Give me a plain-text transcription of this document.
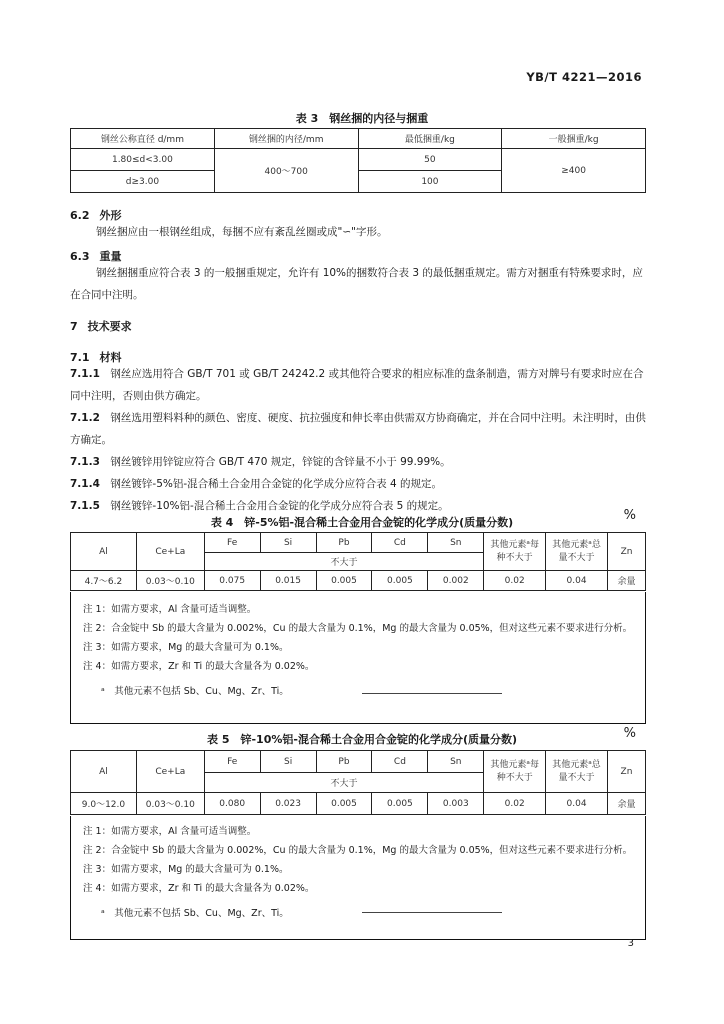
YB/T 4221—2016
表 3　钢丝捆的内径与捆重
钢丝公称直径 d/mm	钢丝捆的内径/mm	最低捆重/kg	一般捆重/kg
1.80≤d<3.00	400～700	50	≥400
d≥3.00		100	
6.2 外形
钢丝捆应由一根钢丝组成，每捆不应有紊乱丝圈或成"∽"字形。
6.3 重量
钢丝捆捆重应符合表 3 的一般捆重规定，允许有 10%的捆数符合表 3 的最低捆重规定。需方对捆重有特殊要求时，应在合同中注明。
7 技术要求
7.1 材料
7.1.1　 钢丝应选用符合 GB/T 701 或 GB/T 24242.2 或其他符合要求的相应标准的盘条制造，需方对牌号有要求时应在合同中注明，否则由供方确定。
7.1.2　 钢丝选用塑料料种的颜色、密度、硬度、抗拉强度和伸长率由供需双方协商确定，并在合同中注明。未注明时，由供方确定。
7.1.3　 钢丝镀锌用锌锭应符合 GB/T 470 规定，锌锭的含锌量不小于 99.99%。
7.1.4　 钢丝镀锌-5%铝-混合稀土合金用合金锭的化学成分应符合表 4 的规定。
7.1.5　 钢丝镀锌-10%铝-混合稀土合金用合金锭的化学成分应符合表 5 的规定。
表 4　锌-5%铝-混合稀土合金用合金锭的化学成分(质量分数)	%
Al	Ce+La	Fe	Si	Pb	Cd	Sn	其他元素ᵃ每种不大于	其他元素ᵃ总量不大于	Zn
		不大于							
4.7～6.2	0.03～0.10	0.075	0.015	0.005	0.005	0.002	0.02	0.04	余量
注 1：如需方要求，Al 含量可适当调整。
注 2：合金锭中 Sb 的最大含量为 0.002%，Cu 的最大含量为 0.1%，Mg 的最大含量为 0.05%，但对这些元素不要求进行分析。
注 3：如需方要求，Mg 的最大含量可为 0.1%。
注 4：如需方要求，Zr 和 Ti 的最大含量各为 0.02%。
ᵃ　其他元素不包括 Sb、Cu、Mg、Zr、Ti。
表 5　锌-10%铝-混合稀土合金用合金锭的化学成分(质量分数)	%
Al	Ce+La	Fe	Si	Pb	Cd	Sn	其他元素ᵃ每种不大于	其他元素ᵃ总量不大于	Zn
		不大于							
9.0～12.0	0.03～0.10	0.080	0.023	0.005	0.005	0.003	0.02	0.04	余量
注 1：如需方要求，Al 含量可适当调整。
注 2：合金锭中 Sb 的最大含量为 0.002%，Cu 的最大含量为 0.1%，Mg 的最大含量为 0.05%，但对这些元素不要求进行分析。
注 3：如需方要求，Mg 的最大含量可为 0.1%。
注 4：如需方要求，Zr 和 Ti 的最大含量各为 0.02%。
ᵃ　其他元素不包括 Sb、Cu、Mg、Zr、Ti。
3
